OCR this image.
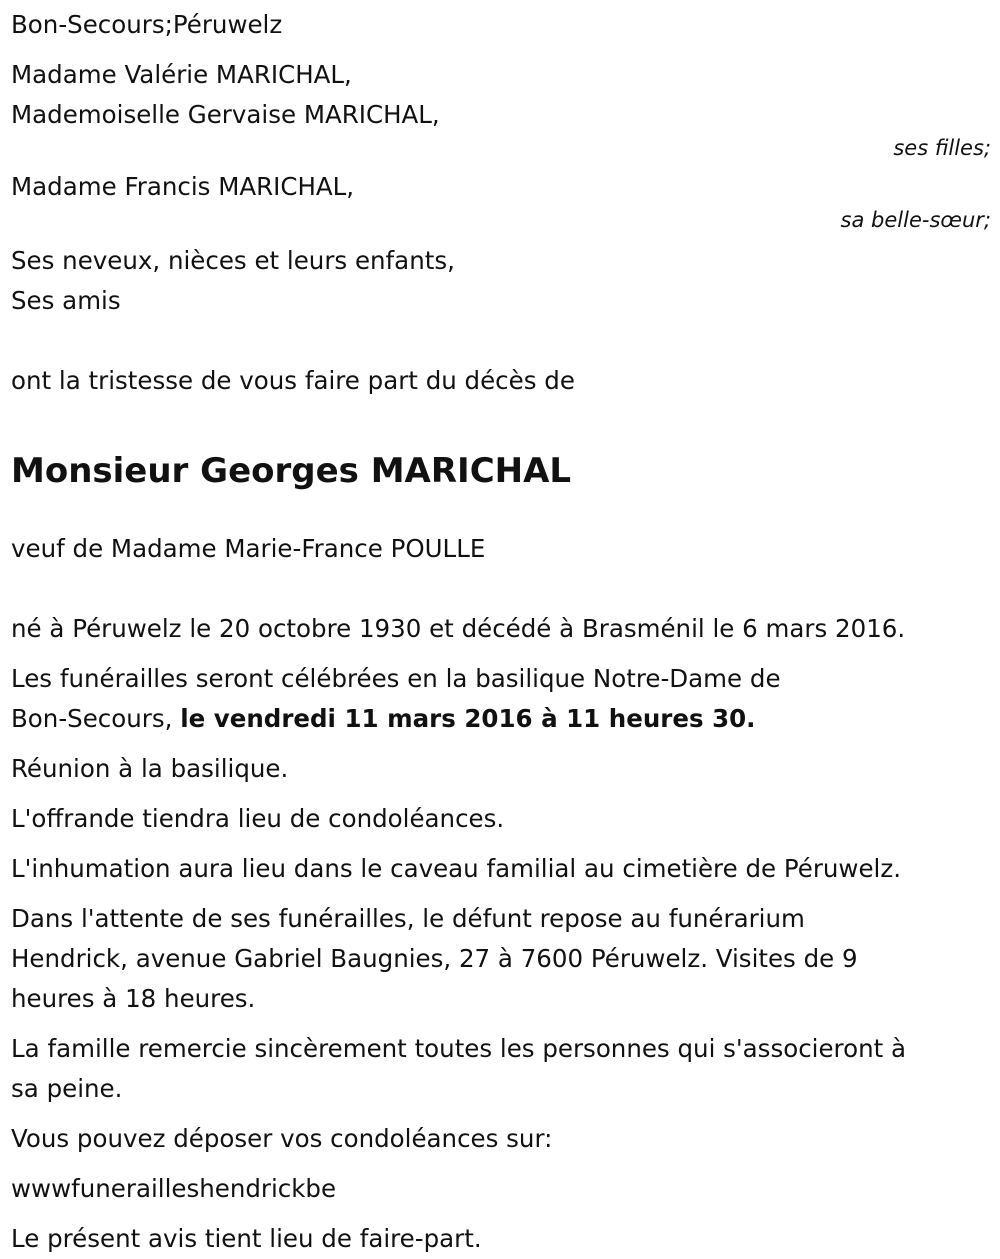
Bon-Secours;Péruwelz

Madame Valérie MARICHAL,

Mademoiselle Gervaise MARICHAL,

ses filles;

Madame Francis MARICHAL,

sa belle-sœur;

Ses neveux, nièces et leurs enfants,

Ses amis

ont la tristesse de vous faire part du décès de

Monsieur Georges MARICHAL

veuf de Madame Marie-France POULLE

né à Péruwelz le 20 octobre 1930 et décédé à Brasménil le 6 mars 2016.

Les funérailles seront célébrées en la basilique Notre-Dame de

Bon-Secours, le vendredi 11 mars 2016 à 11 heures 30.

Réunion à la basilique.

L'offrande tiendra lieu de condoléances.

L'inhumation aura lieu dans le caveau familial au cimetière de Péruwelz.

Dans l'attente de ses funérailles, le défunt repose au funérarium

Hendrick, avenue Gabriel Baugnies, 27 à 7600 Péruwelz. Visites de 9

heures à 18 heures.

La famille remercie sincèrement toutes les personnes qui s'associeront à

sa peine.

Vous pouvez déposer vos condoléances sur:

wwwfunerailleshendrickbe

Le présent avis tient lieu de faire-part.
